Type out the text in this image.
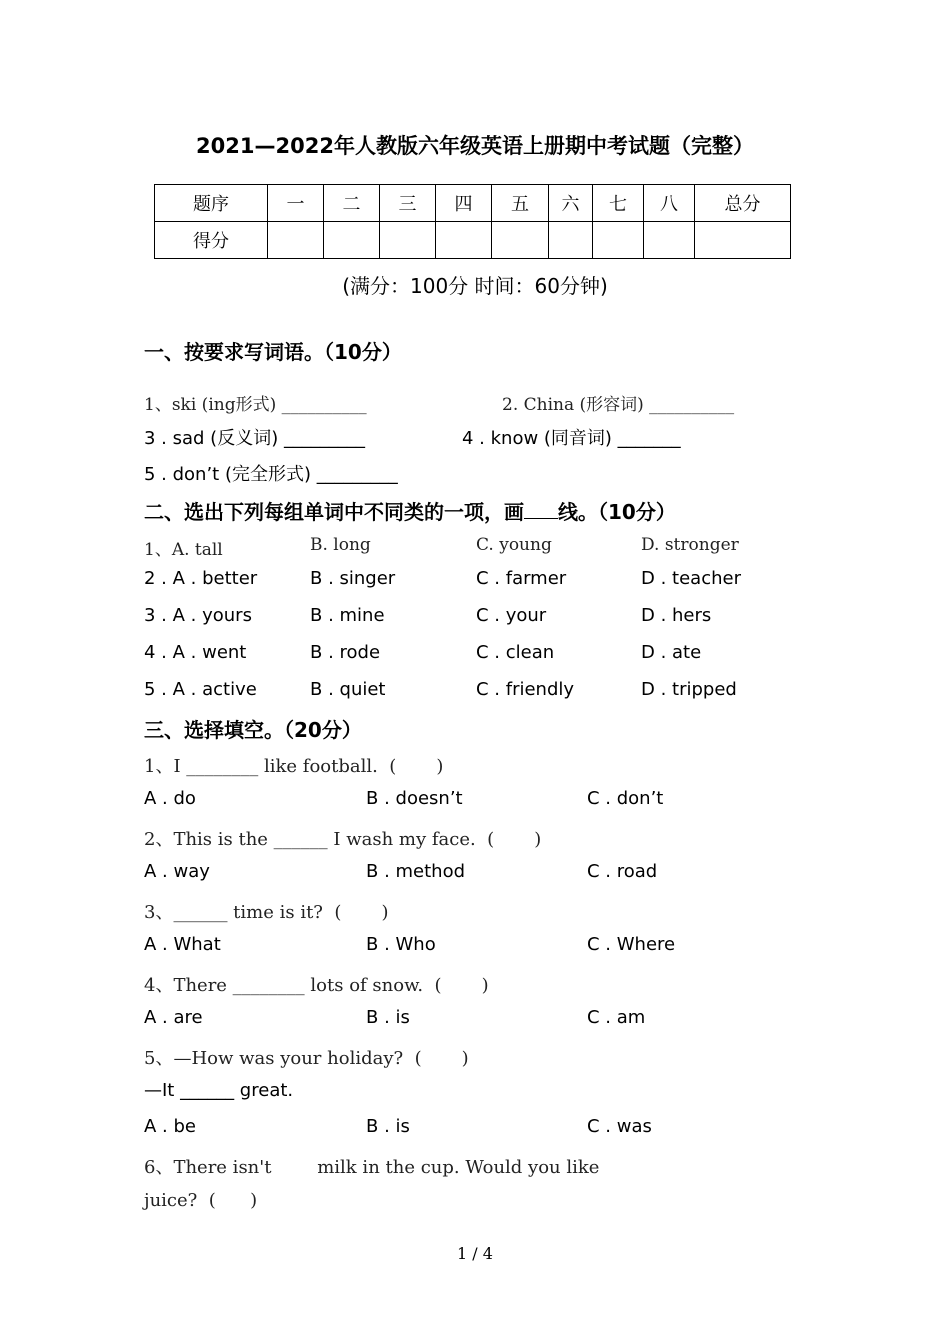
2021—2022年人教版六年级英语上册期中考试题（完整）
题序	一	二	三	四	五	六	七	八	总分
得分									
(满分：100分 时间：60分钟)
一、按要求写词语。（10分）
1、ski (ing形式) __________	2. China (形容词) __________
3 . sad (反义词) _________	4 . know (同音词) _______
5 . don’t (完全形式) _________
二、选出下列每组单词中不同类的一项，画 线。（10分）
1、A. tall	B. long	C. young	D. stronger
2 . A . better	B . singer	C . farmer	D . teacher
3 . A . yours	B . mine	C . your	D . hers
4 . A . went	B . rode	C . clean	D . ate
5 . A . active	B . quiet	C . friendly	D . tripped
三、选择填空。（20分）
1、I ________ like football.  (       )
A . do	B . doesn’t	C . don’t
2、This is the ______ I wash my face.  (       )
A . way	B . method	C . road
3、______ time is it?  (       )
A . What	B . Who	C . Where
4、There ________ lots of snow.  (       )
A . are	B . is	C . am
5、—How was your holiday?  (       )
—It ______ great.
A . be	B . is	C . was
6、There isn't        milk in the cup. Would you like
juice?  (      )
1 / 4
